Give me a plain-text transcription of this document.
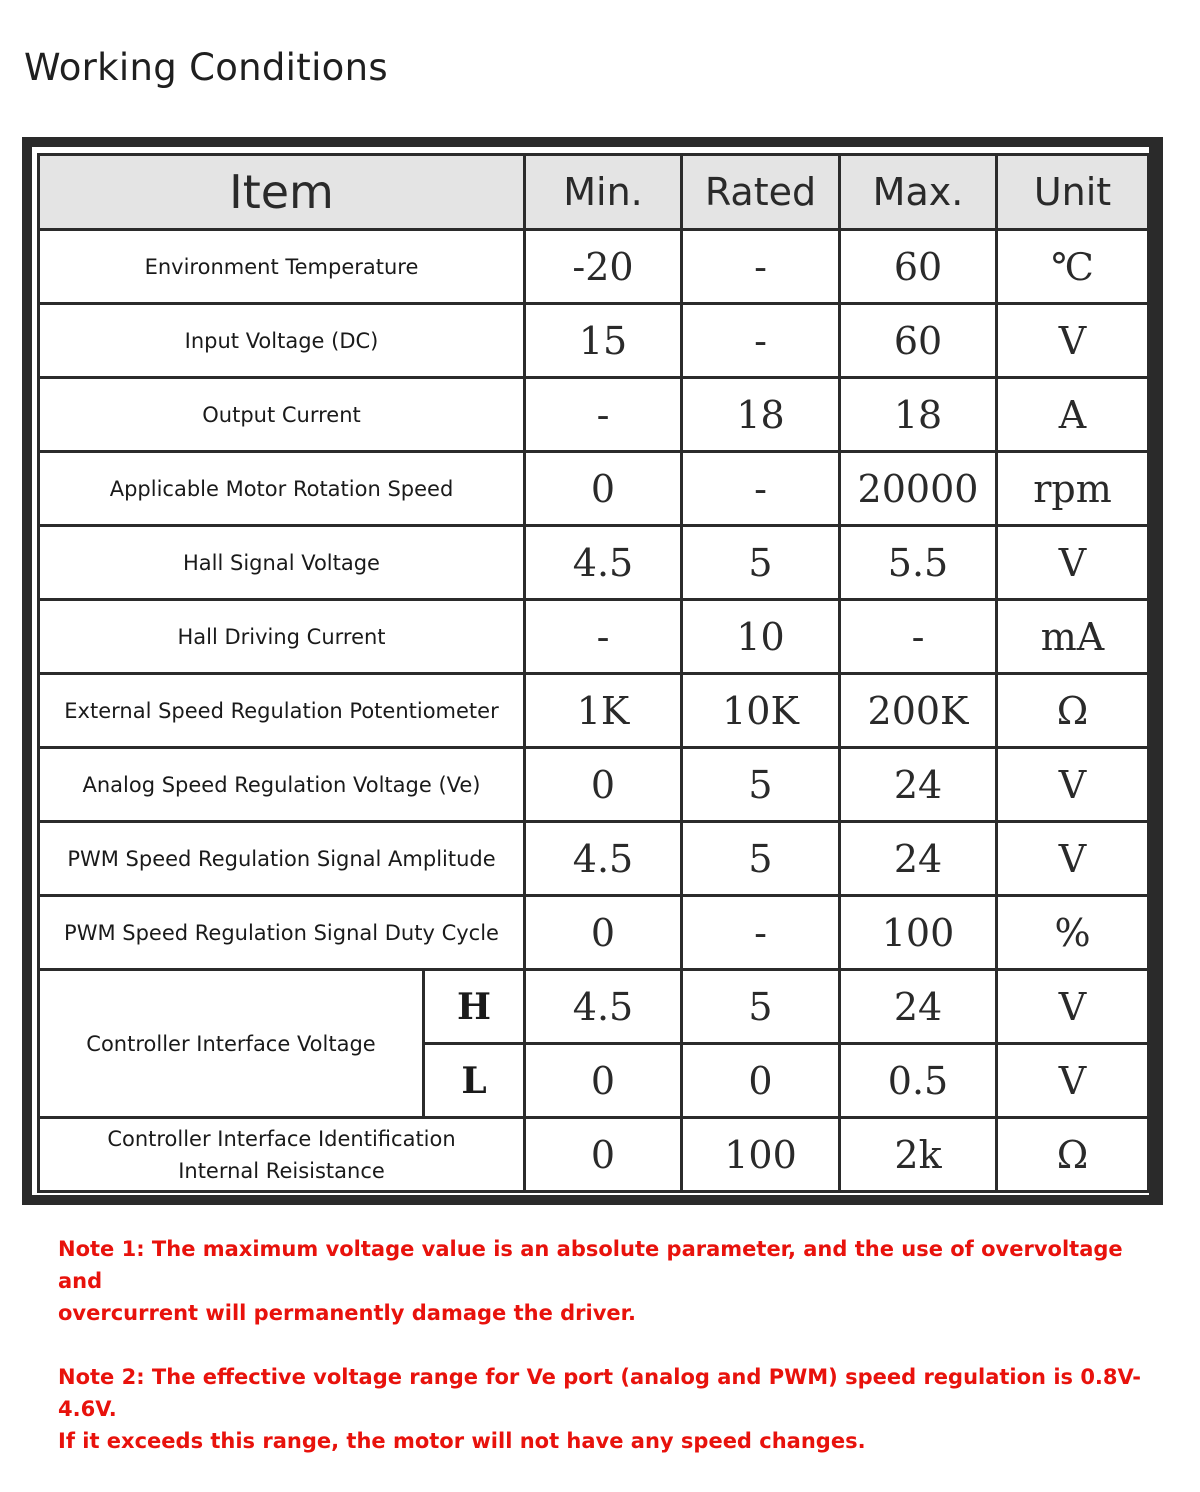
Working Conditions
Item		Min.	Rated	Max.	Unit
Environment Temperature		-20	-	60	℃
Input Voltage (DC)		15	-	60	V
Output Current		-	18	18	A
Applicable Motor Rotation Speed		0	-	20000	rpm
Hall Signal Voltage		4.5	5	5.5	V
Hall Driving Current		-	10	-	mA
External Speed Regulation Potentiometer		1K	10K	200K	Ω
Analog Speed Regulation Voltage (Ve)		0	5	24	V
PWM Speed Regulation Signal Amplitude		4.5	5	24	V
PWM Speed Regulation Signal Duty Cycle		0	-	100	%
Controller Interface Voltage	H	4.5	5	24	V
	L	0	0	0.5	V
Controller Interface Identification
Internal Reisistance		0	100	2k	Ω

Note 1: The maximum voltage value is an absolute parameter, and the use of overvoltage and
overcurrent will permanently damage the driver.

Note 2: The effective voltage range for Ve port (analog and PWM) speed regulation is 0.8V-4.6V.
If it exceeds this range, the motor will not have any speed changes.
